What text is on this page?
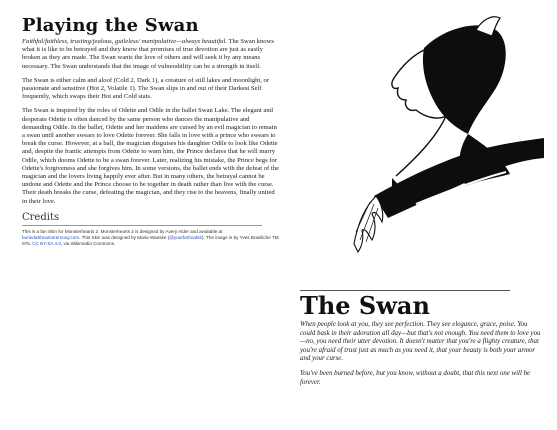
Playing the Swan

Faithful/faithless, trusting/jealous, guileless/ manipulative—always beautiful. The Swan knows what it is like to be betrayed and they know that promises of true devotion are just as easily broken as they are made. The Swan wants the love of others and will seek it by any means necessary. The Swan understands that the image of vulnerability can be a strength in itself.

The Swan is either calm and aloof (Cold 2, Dark 1), a creature of still lakes and moonlight, or passionate and sensitive (Hot 2, Volatile 1). The Swan slips in and out of their Darkest Self frequently, which swaps their Hot and Cold stats.

The Swan is inspired by the roles of Odette and Odile in the ballet Swan Lake. The elegant and desperate Odette is often danced by the same person who dances the manipulative and demanding Odile. In the ballet, Odette and her maidens are cursed by an evil magician to remain a swan until another swears to love Odette forever. She falls in love with a prince who swears to break the curse. However, at a ball, the magician disguises his daughter Odile to look like Odette and, despite the frantic attempts from Odette to warn him, the Prince declares that he will marry Odile, which dooms Odette to be a swan forever. Later, realizing his mistake, the Prince begs for Odette's forgiveness and she forgives him. In some versions, the ballet ends with the defeat of the magician and the lovers living happily ever after. But in many others, the betrayal cannot be undone and Odette and the Prince choose to be together in death rather than live with the curse. Their death breaks the curse, defeating the magician, and they rise to the heavens, finally united in their love.

Credits
This is a fan Skin for Monsterhearts 2. Monsterhearts 2 is designed by Avery Alder and available at buriedwithoutceremony.com. This Skin was designed by Maria Wanske (@yourfarfoodsb). The image is by Yves Brasiliche TM 076, CC BY-SA 4.0, via Wikimedia Commons.
The Swan

When people look at you, they see perfection. They see elegance, grace, poise. You could bask in their adoration all day—but that's not enough. You need them to love you—no, you need their utter devotion. It doesn't matter that you're a flighty creature, that you're afraid of trust just as much as you need it, that your beauty is both your armor and your curse.

You've been burned before, but you know, without a doubt, that this next one will be forever.
